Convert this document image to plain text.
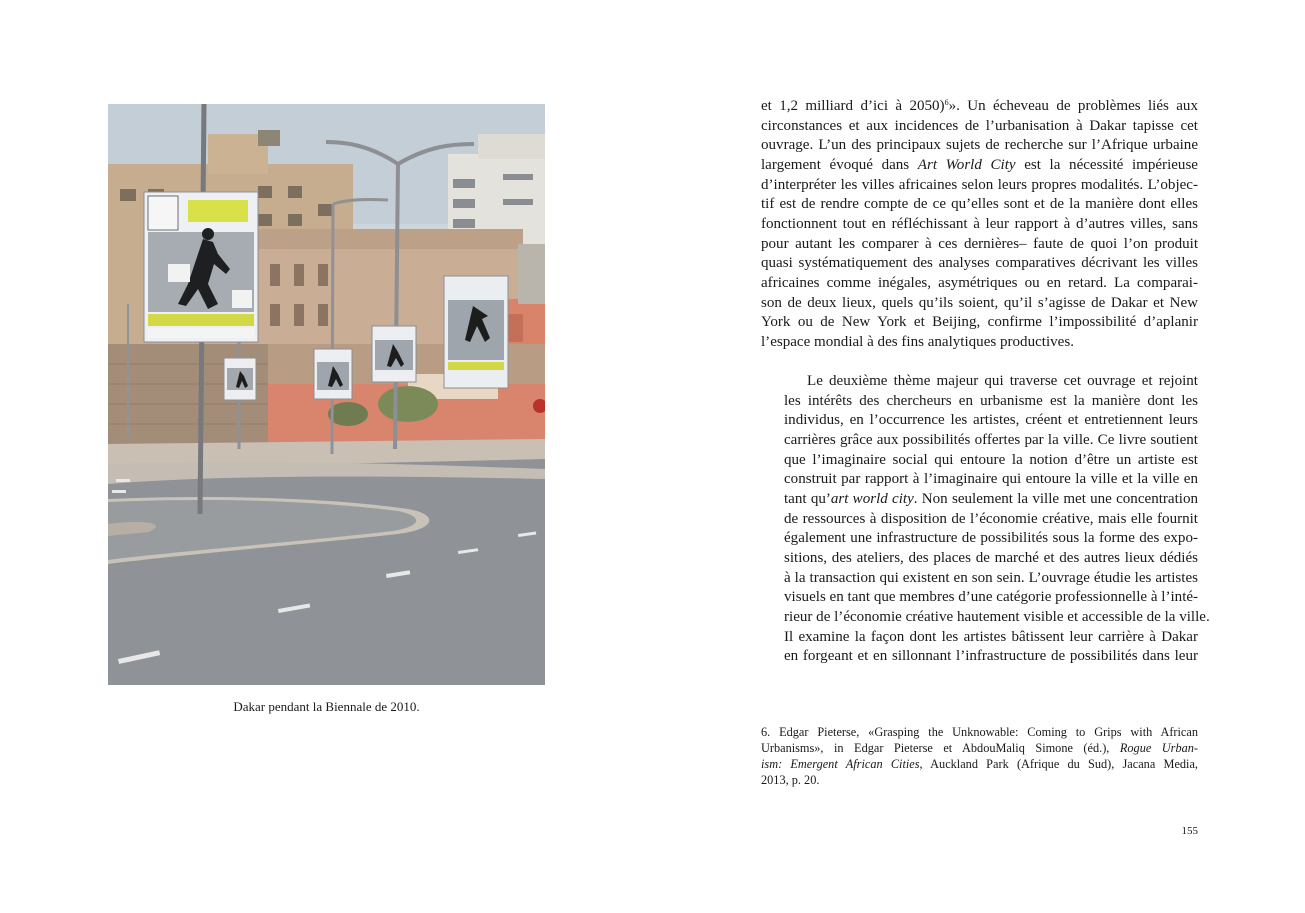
Dakar pendant la Biennale de 2010.

et 1,2 milliard d’ici à 2050)$^6$». Un écheveau de problèmes liés aux
circonstances et aux incidences de l’urbanisation à Dakar tapisse cet
ouvrage. L’un des principaux sujets de recherche sur l’Afrique urbaine
largement évoqué dans Art World City est la nécessité impérieuse
d’interpréter les villes africaines selon leurs propres modalités. L’objec-
tif est de rendre compte de ce qu’elles sont et de la manière dont elles
fonctionnent tout en réfléchissant à leur rapport à d’autres villes, sans
pour autant les comparer à ces dernières– faute de quoi l’on produit
quasi systématiquement des analyses comparatives décrivant les villes
africaines comme inégales, asymétriques ou en retard. La comparai-
son de deux lieux, quels qu’ils soient, qu’il s’agisse de Dakar et New
York ou de New York et Beijing, confirme l’impossibilité d’aplanir
l’espace mondial à des fins analytiques productives.

Le deuxième thème majeur qui traverse cet ouvrage et rejoint
les intérêts des chercheurs en urbanisme est la manière dont les
individus, en l’occurrence les artistes, créent et entretiennent leurs
carrières grâce aux possibilités offertes par la ville. Ce livre soutient
que l’imaginaire social qui entoure la notion d’être un artiste est
construit par rapport à l’imaginaire qui entoure la ville et la ville en
tant qu’art world city. Non seulement la ville met une concentration
de ressources à disposition de l’économie créative, mais elle fournit
également une infrastructure de possibilités sous la forme des expo-
sitions, des ateliers, des places de marché et des autres lieux dédiés
à la transaction qui existent en son sein. L’ouvrage étudie les artistes
visuels en tant que membres d’une catégorie professionnelle à l’inté-
rieur de l’économie créative hautement visible et accessible de la ville.
Il examine la façon dont les artistes bâtissent leur carrière à Dakar
en forgeant et en sillonnant l’infrastructure de possibilités dans leur

6. Edgar Pieterse, «Grasping the Unknowable: Coming to Grips with African
Urbanisms», in Edgar Pieterse et AbdouMaliq Simone (éd.), Rogue Urban-
ism: Emergent African Cities, Auckland Park (Afrique du Sud), Jacana Media,
2013, p. 20.
155
